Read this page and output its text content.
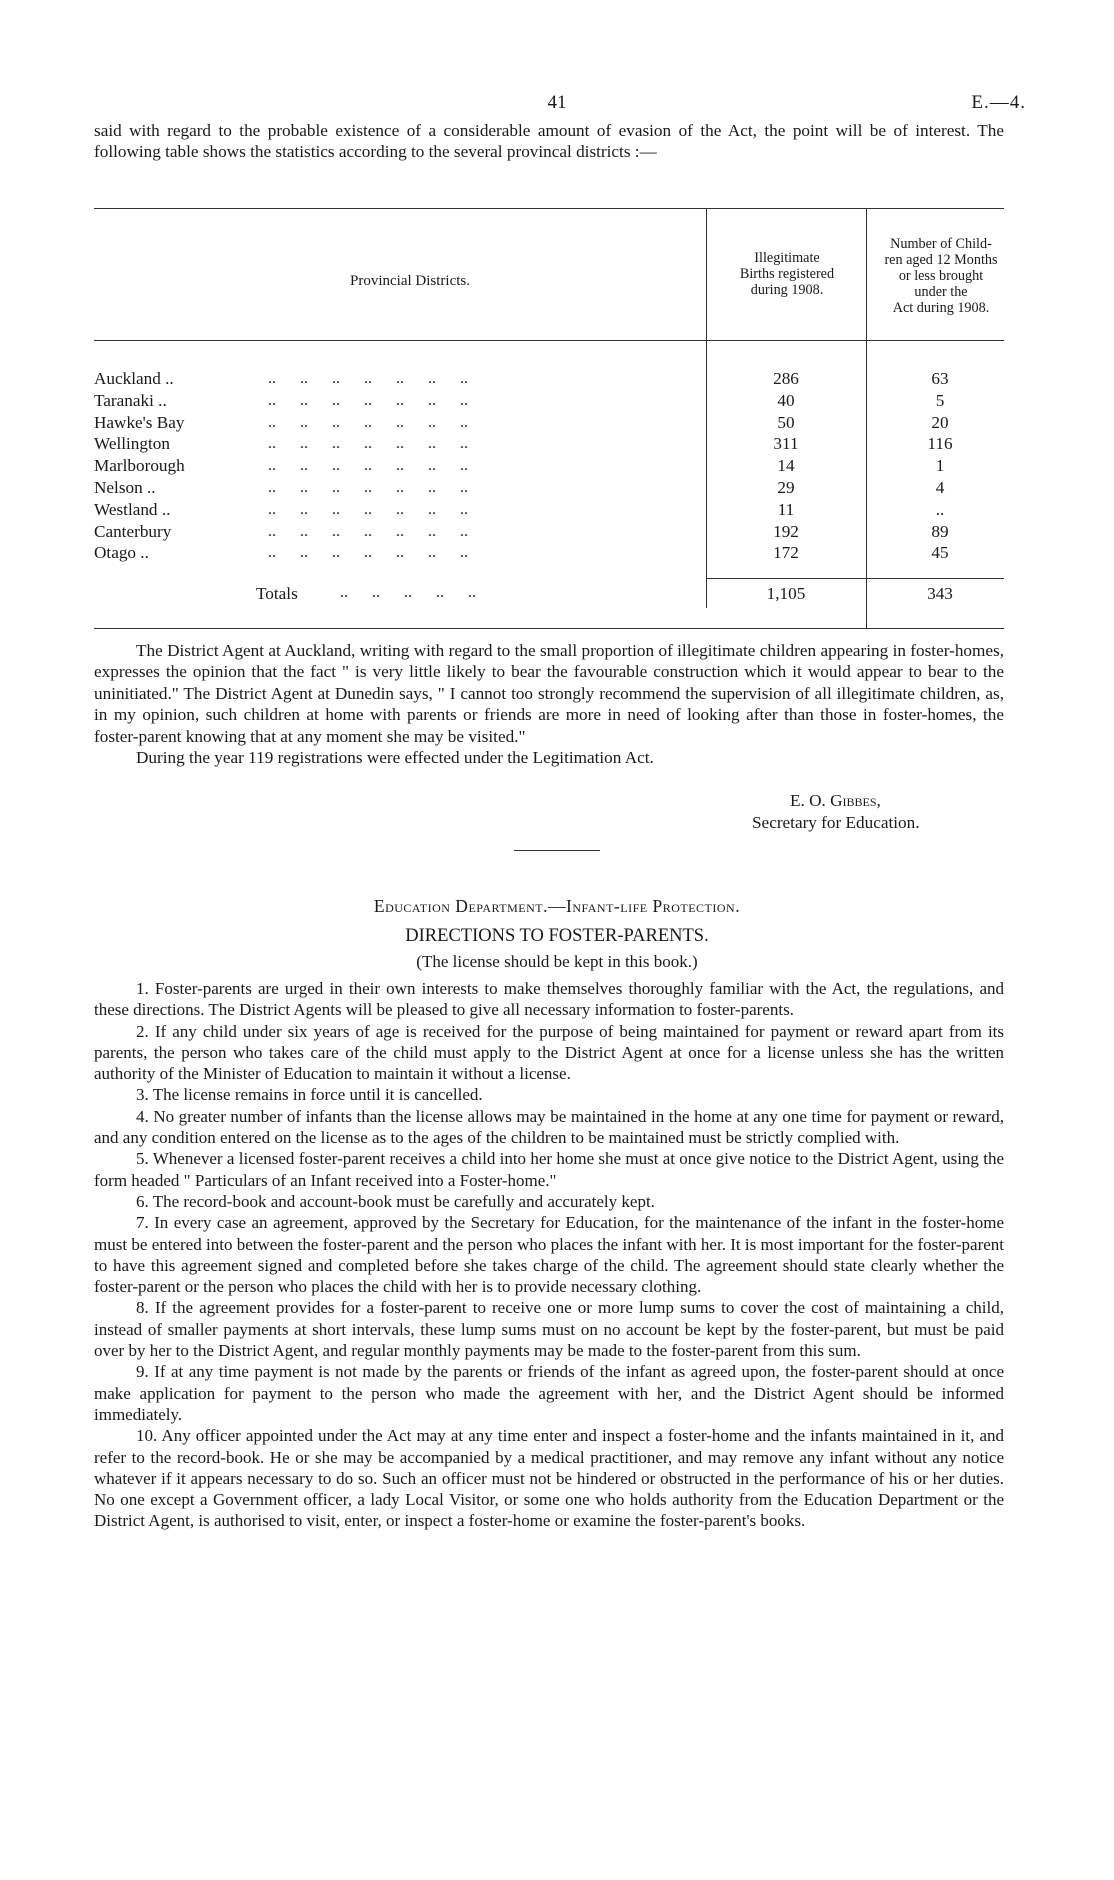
41	E.—4.

said with regard to the probable existence of a considerable amount of evasion of the Act, the point will be of interest. The following table shows the statistics according to the several provincal districts :—

Provincial Districts.
Illegitimate
Births registered
during 1908.
Number of Child-
ren aged 12 Months
or less brought
under the
Act during 1908.
Auckland ..	..      ..      ..      ..      ..      ..      ..	286	63
Taranaki ..	..      ..      ..      ..      ..      ..      ..	40	5
Hawke's Bay	..      ..      ..      ..      ..      ..      ..	50	20
Wellington	..      ..      ..      ..      ..      ..      ..	311	116
Marlborough	..      ..      ..      ..      ..      ..      ..	14	1
Nelson ..	..      ..      ..      ..      ..      ..      ..	29	4
Westland ..	..      ..      ..      ..      ..      ..      ..	11	..
Canterbury	..      ..      ..      ..      ..      ..      ..	192	89
Otago ..	..      ..      ..      ..      ..      ..      ..	172	45
Totals	..      ..      ..      ..      ..	1,105	343

The District Agent at Auckland, writing with regard to the small proportion of illegitimate children appearing in foster-homes, expresses the opinion that the fact " is very little likely to bear the favourable construction which it would appear to bear to the uninitiated." The District Agent at Dunedin says, " I cannot too strongly recommend the supervision of all illegitimate children, as, in my opinion, such children at home with parents or friends are more in need of looking after than those in foster-homes, the foster-parent knowing that at any moment she may be visited."

During the year 119 registrations were effected under the Legitimation Act.

E. O. Gibbes,
Secretary for Education.
Education Department.—Infant-life Protection.
DIRECTIONS TO FOSTER-PARENTS.
(The license should be kept in this book.)

1. Foster-parents are urged in their own interests to make themselves thoroughly familiar with the Act, the regulations, and these directions. The District Agents will be pleased to give all necessary information to foster-parents.

2. If any child under six years of age is received for the purpose of being maintained for payment or reward apart from its parents, the person who takes care of the child must apply to the District Agent at once for a license unless she has the written authority of the Minister of Education to maintain it without a license.

3. The license remains in force until it is cancelled.

4. No greater number of infants than the license allows may be maintained in the home at any one time for payment or reward, and any condition entered on the license as to the ages of the children to be maintained must be strictly complied with.

5. Whenever a licensed foster-parent receives a child into her home she must at once give notice to the District Agent, using the form headed " Particulars of an Infant received into a Foster-home."

6. The record-book and account-book must be carefully and accurately kept.

7. In every case an agreement, approved by the Secretary for Education, for the maintenance of the infant in the foster-home must be entered into between the foster-parent and the person who places the infant with her. It is most important for the foster-parent to have this agreement signed and completed before she takes charge of the child. The agreement should state clearly whether the foster-parent or the person who places the child with her is to provide necessary clothing.

8. If the agreement provides for a foster-parent to receive one or more lump sums to cover the cost of maintaining a child, instead of smaller payments at short intervals, these lump sums must on no account be kept by the foster-parent, but must be paid over by her to the District Agent, and regular monthly payments may be made to the foster-parent from this sum.

9. If at any time payment is not made by the parents or friends of the infant as agreed upon, the foster-parent should at once make application for payment to the person who made the agreement with her, and the District Agent should be informed immediately.

10. Any officer appointed under the Act may at any time enter and inspect a foster-home and the infants maintained in it, and refer to the record-book. He or she may be accompanied by a medical practitioner, and may remove any infant without any notice whatever if it appears necessary to do so. Such an officer must not be hindered or obstructed in the performance of his or her duties. No one except a Government officer, a lady Local Visitor, or some one who holds authority from the Education Department or the District Agent, is authorised to visit, enter, or inspect a foster-home or examine the foster-parent's books.
